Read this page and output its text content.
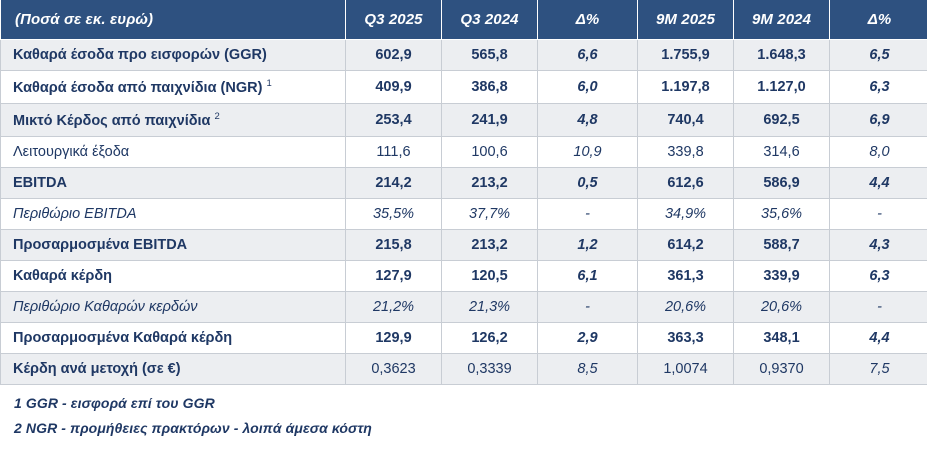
(Ποσά σε εκ. ευρώ)	Q3 2025	Q3 2024	Δ%	9M 2025	9M 2024	Δ%
Καθαρά έσοδα προ εισφορών (GGR)	602,9	565,8	6,6	1.755,9	1.648,3	6,5
Καθαρά έσοδα από παιχνίδια (NGR) $^1$	409,9	386,8	6,0	1.197,8	1.127,0	6,3
Μικτό Κέρδος από παιχνίδια $^2$	253,4	241,9	4,8	740,4	692,5	6,9
Λειτουργικά έξοδα	111,6	100,6	10,9	339,8	314,6	8,0
EBITDA	214,2	213,2	0,5	612,6	586,9	4,4
Περιθώριο EBITDA	35,5%	37,7%	-	34,9%	35,6%	-
Προσαρμοσμένα EBITDA	215,8	213,2	1,2	614,2	588,7	4,3
Καθαρά κέρδη	127,9	120,5	6,1	361,3	339,9	6,3
Περιθώριο Καθαρών κερδών	21,2%	21,3%	-	20,6%	20,6%	-
Προσαρμοσμένα Καθαρά κέρδη	129,9	126,2	2,9	363,3	348,1	4,4
Κέρδη ανά μετοχή (σε €)	0,3623	0,3339	8,5	1,0074	0,9370	7,5

1 GGR - εισφορά επί του GGR

2 NGR - προμήθειες πρακτόρων - λοιπά άμεσα κόστη
